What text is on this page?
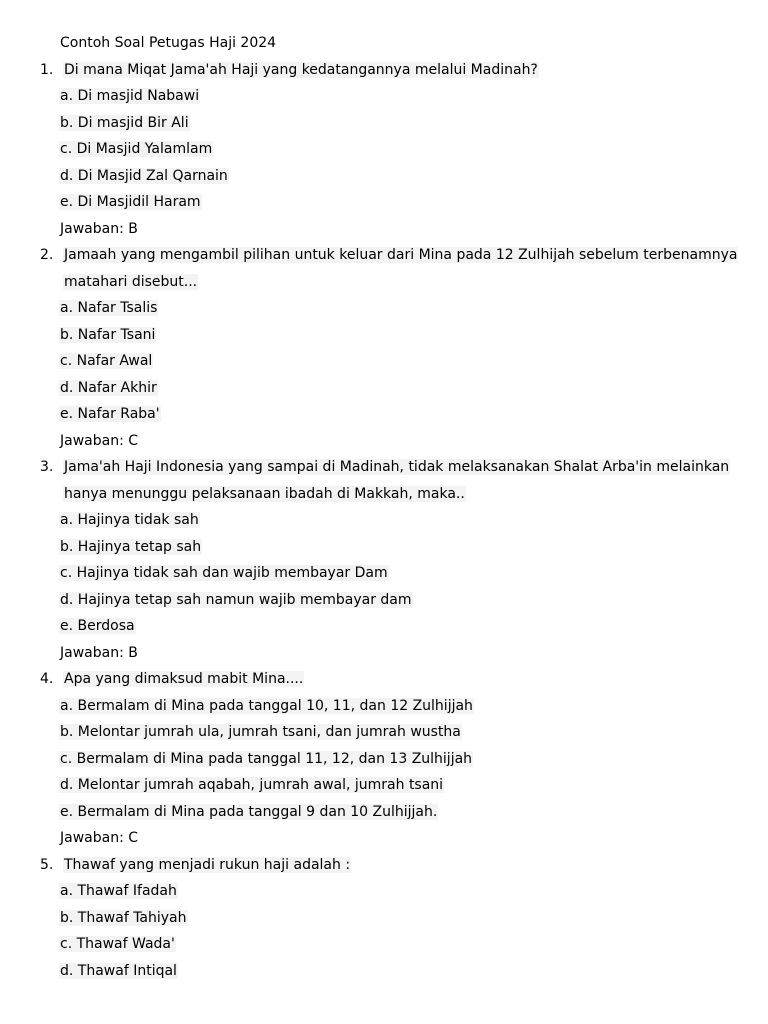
Contoh Soal Petugas Haji 2024
1. Di mana Miqat Jama'ah Haji yang kedatangannya melalui Madinah?
a. Di masjid Nabawi
b. Di masjid Bir Ali
c. Di Masjid Yalamlam
d. Di Masjid Zal Qarnain
e. Di Masjidil Haram
Jawaban: B
2. Jamaah yang mengambil pilihan untuk keluar dari Mina pada 12 Zulhijah sebelum terbenamnya
matahari disebut...
a. Nafar Tsalis
b. Nafar Tsani
c. Nafar Awal
d. Nafar Akhir
e. Nafar Raba'
Jawaban: C
3. Jama'ah Haji Indonesia yang sampai di Madinah, tidak melaksanakan Shalat Arba'in melainkan
hanya menunggu pelaksanaan ibadah di Makkah, maka..
a. Hajinya tidak sah
b. Hajinya tetap sah
c. Hajinya tidak sah dan wajib membayar Dam
d. Hajinya tetap sah namun wajib membayar dam
e. Berdosa
Jawaban: B
4. Apa yang dimaksud mabit Mina....
a. Bermalam di Mina pada tanggal 10, 11, dan 12 Zulhijjah
b. Melontar jumrah ula, jumrah tsani, dan jumrah wustha
c. Bermalam di Mina pada tanggal 11, 12, dan 13 Zulhijjah
d. Melontar jumrah aqabah, jumrah awal, jumrah tsani
e. Bermalam di Mina pada tanggal 9 dan 10 Zulhijjah.
Jawaban: C
5. Thawaf yang menjadi rukun haji adalah :
a. Thawaf Ifadah
b. Thawaf Tahiyah
c. Thawaf Wada'
d. Thawaf Intiqal
